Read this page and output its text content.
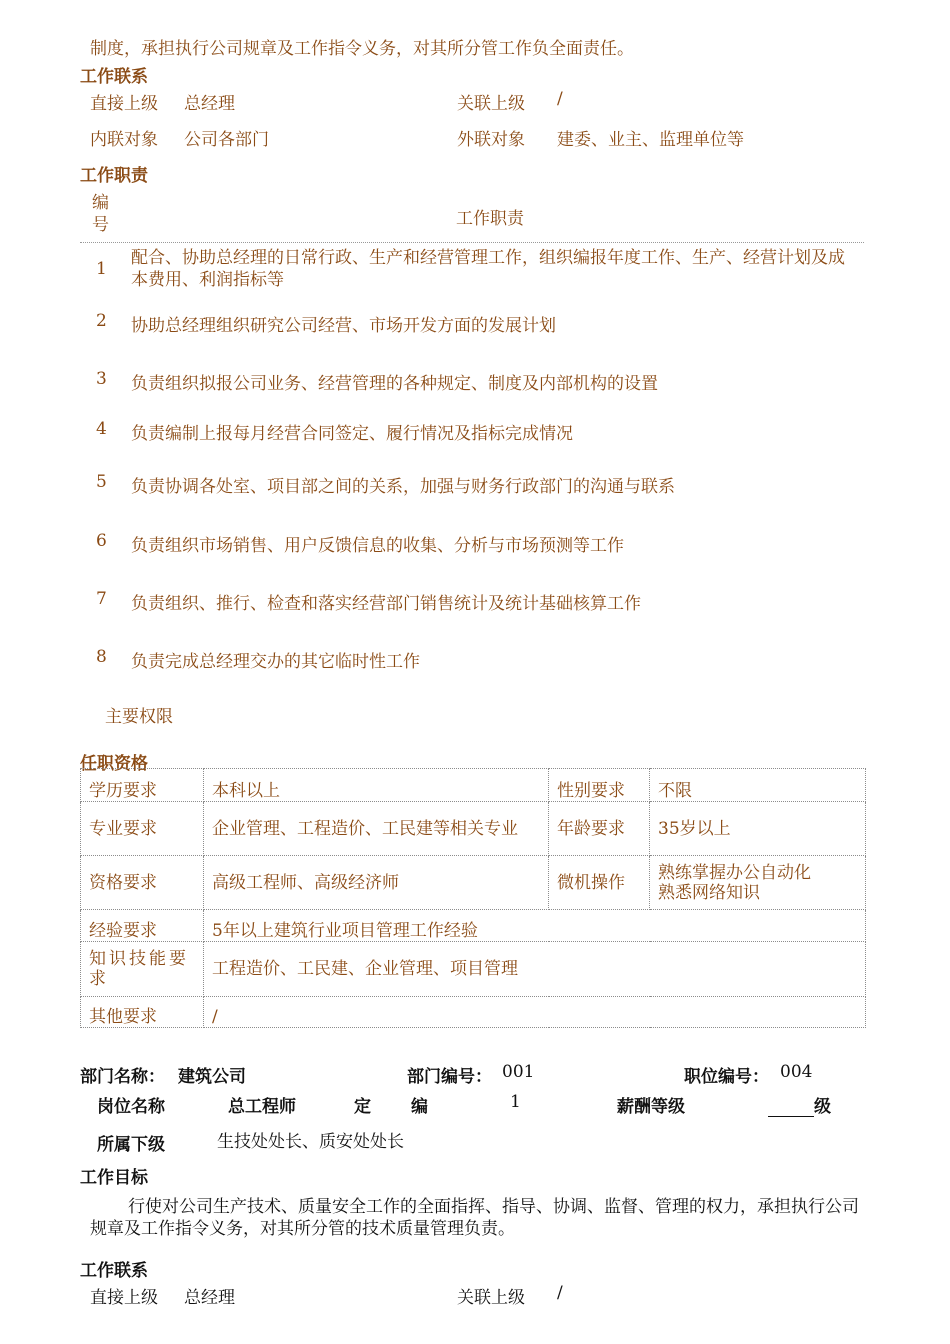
制度，承担执行公司规章及工作指令义务，对其所分管工作负全面责任。
工作联系
直接上级 总经理	关联上级 /
内联对象 公司各部门	外联对象 建委、业主、监理单位等
工作职责
编号	工作职责
1
配合、协助总经理的日常行政、生产和经营管理工作，组织编报年度工作、生产、经营计划及成本费用、利润指标等
2 协助总经理组织研究公司经营、市场开发方面的发展计划
3 负责组织拟报公司业务、经营管理的各种规定、制度及内部机构的设置
4 负责编制上报每月经营合同签定、履行情况及指标完成情况
5 负责协调各处室、项目部之间的关系，加强与财务行政部门的沟通与联系
6 负责组织市场销售、用户反馈信息的收集、分析与市场预测等工作
7 负责组织、推行、检查和落实经营部门销售统计及统计基础核算工作
8 负责完成总经理交办的其它临时性工作
主要权限
任职资格
学历要求	本科以上	性别要求	不限
专业要求	企业管理、工程造价、工民建等相关专业	年龄要求	35岁以上
资格要求	高级工程师、高级经济师	微机操作	熟练掌握办公自动化
熟悉网络知识

经验要求	5年以上建筑行业项目管理工作经验		
知识技能要求	工程造价、工民建、企业管理、项目管理		
其他要求	/		
部门名称： 建筑公司	部门编号： 001	职位编号： 004
岗位名称	总工程师	定 编	1	薪酬等级	级
所属下级	生技处处长、质安处处长
工作目标
行使对公司生产技术、质量安全工作的全面指挥、指导、协调、监督、管理的权力，承担执行公司规章及工作指令义务，对其所分管的技术质量管理负责。
工作联系
直接上级 总经理	关联上级 /
